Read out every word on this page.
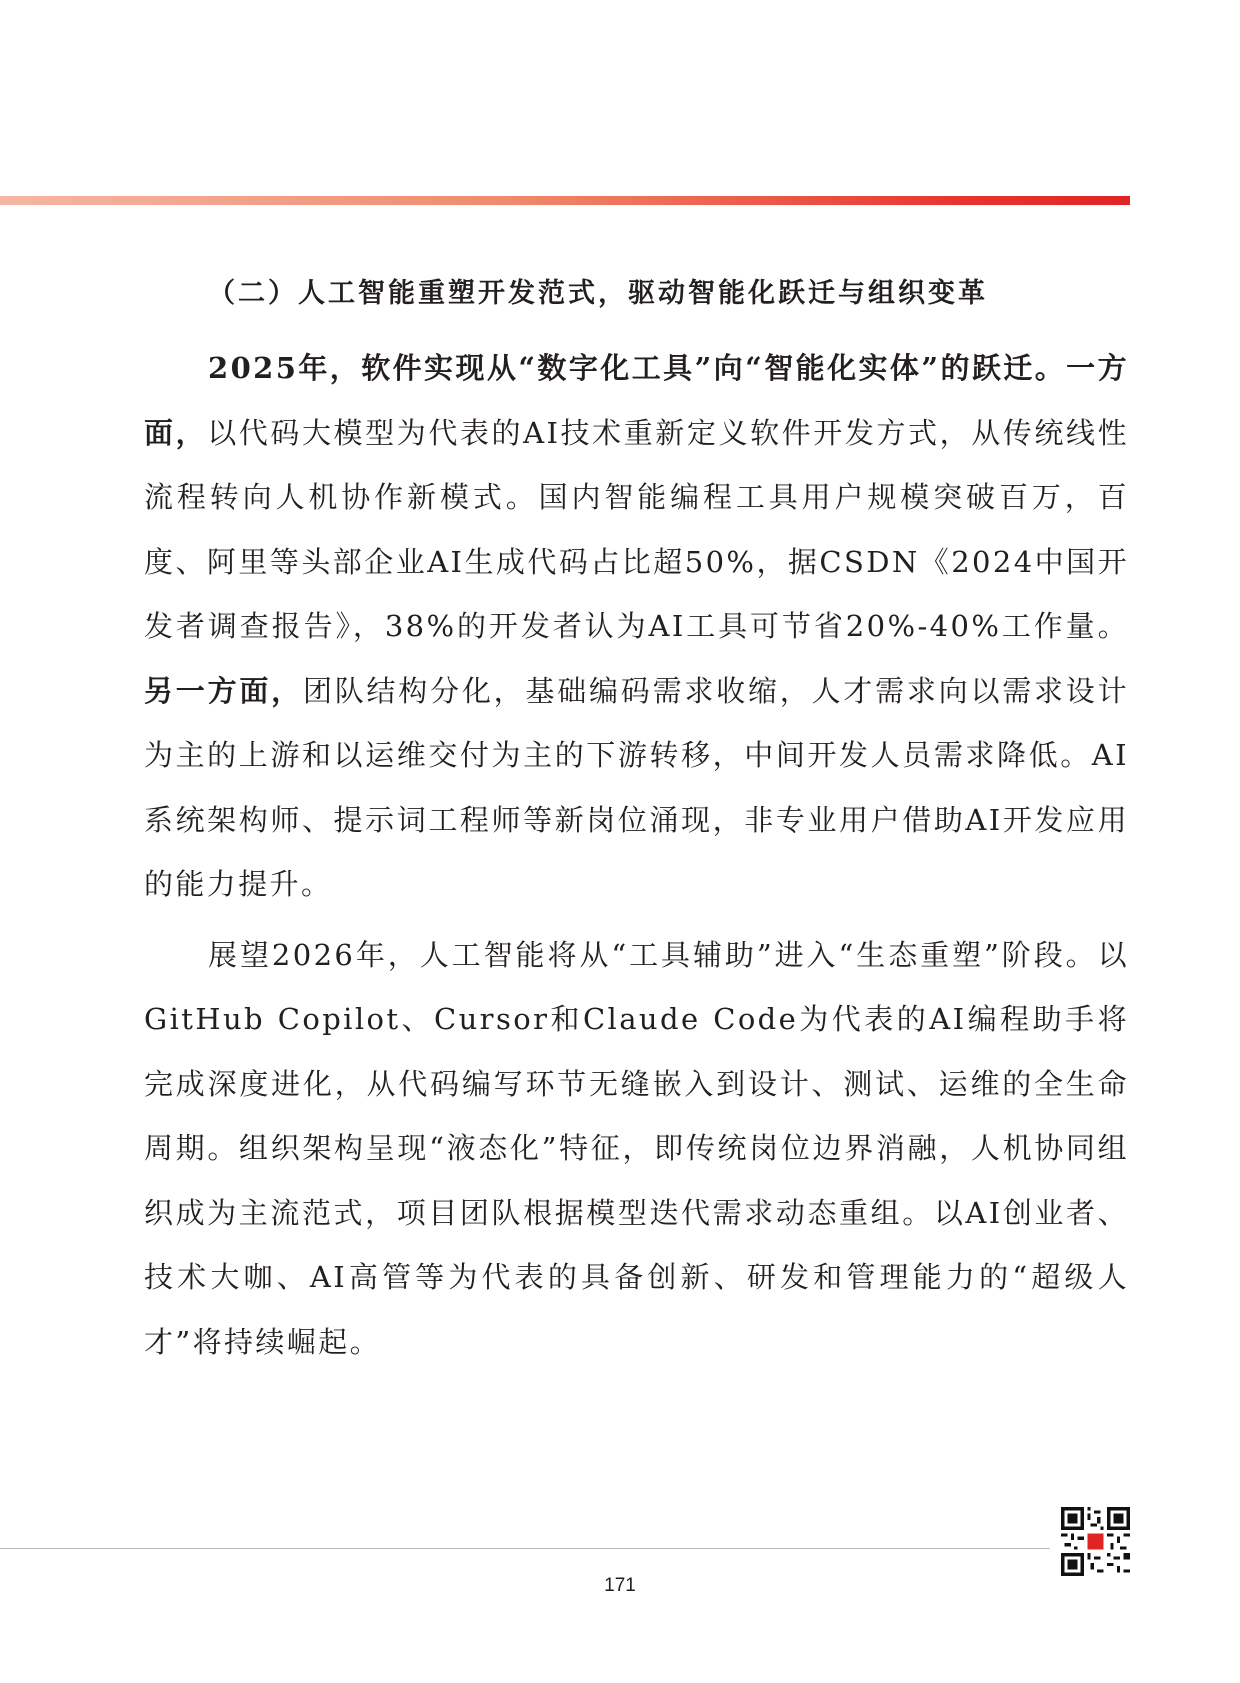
（二）人工智能重塑开发范式，驱动智能化跃迁与组织变革

2025年，软件实现从“数字化工具”向“智能化实体”的跃迁。一方面，以代码大模型为代表的AI技术重新定义软件开发方式，从传统线性流程转向人机协作新模式。国内智能编程工具用户规模突破百万，百度、阿里等头部企业AI生成代码占比超50%，据CSDN《2024中国开发者调查报告》，38%的开发者认为AI工具可节省20%-40%工作量。另一方面，团队结构分化，基础编码需求收缩，人才需求向以需求设计为主的上游和以运维交付为主的下游转移，中间开发人员需求降低。AI系统架构师、提示词工程师等新岗位涌现，非专业用户借助AI开发应用的能力提升。

展望2026年，人工智能将从“工具辅助”进入“生态重塑”阶段。以GitHub Copilot、Cursor和Claude Code为代表的AI编程助手将完成深度进化，从代码编写环节无缝嵌入到设计、测试、运维的全生命周期。组织架构呈现“液态化”特征，即传统岗位边界消融，人机协同组织成为主流范式，项目团队根据模型迭代需求动态重组。以AI创业者、技术大咖、AI高管等为代表的具备创新、研发和管理能力的“超级人才”将持续崛起。

171
